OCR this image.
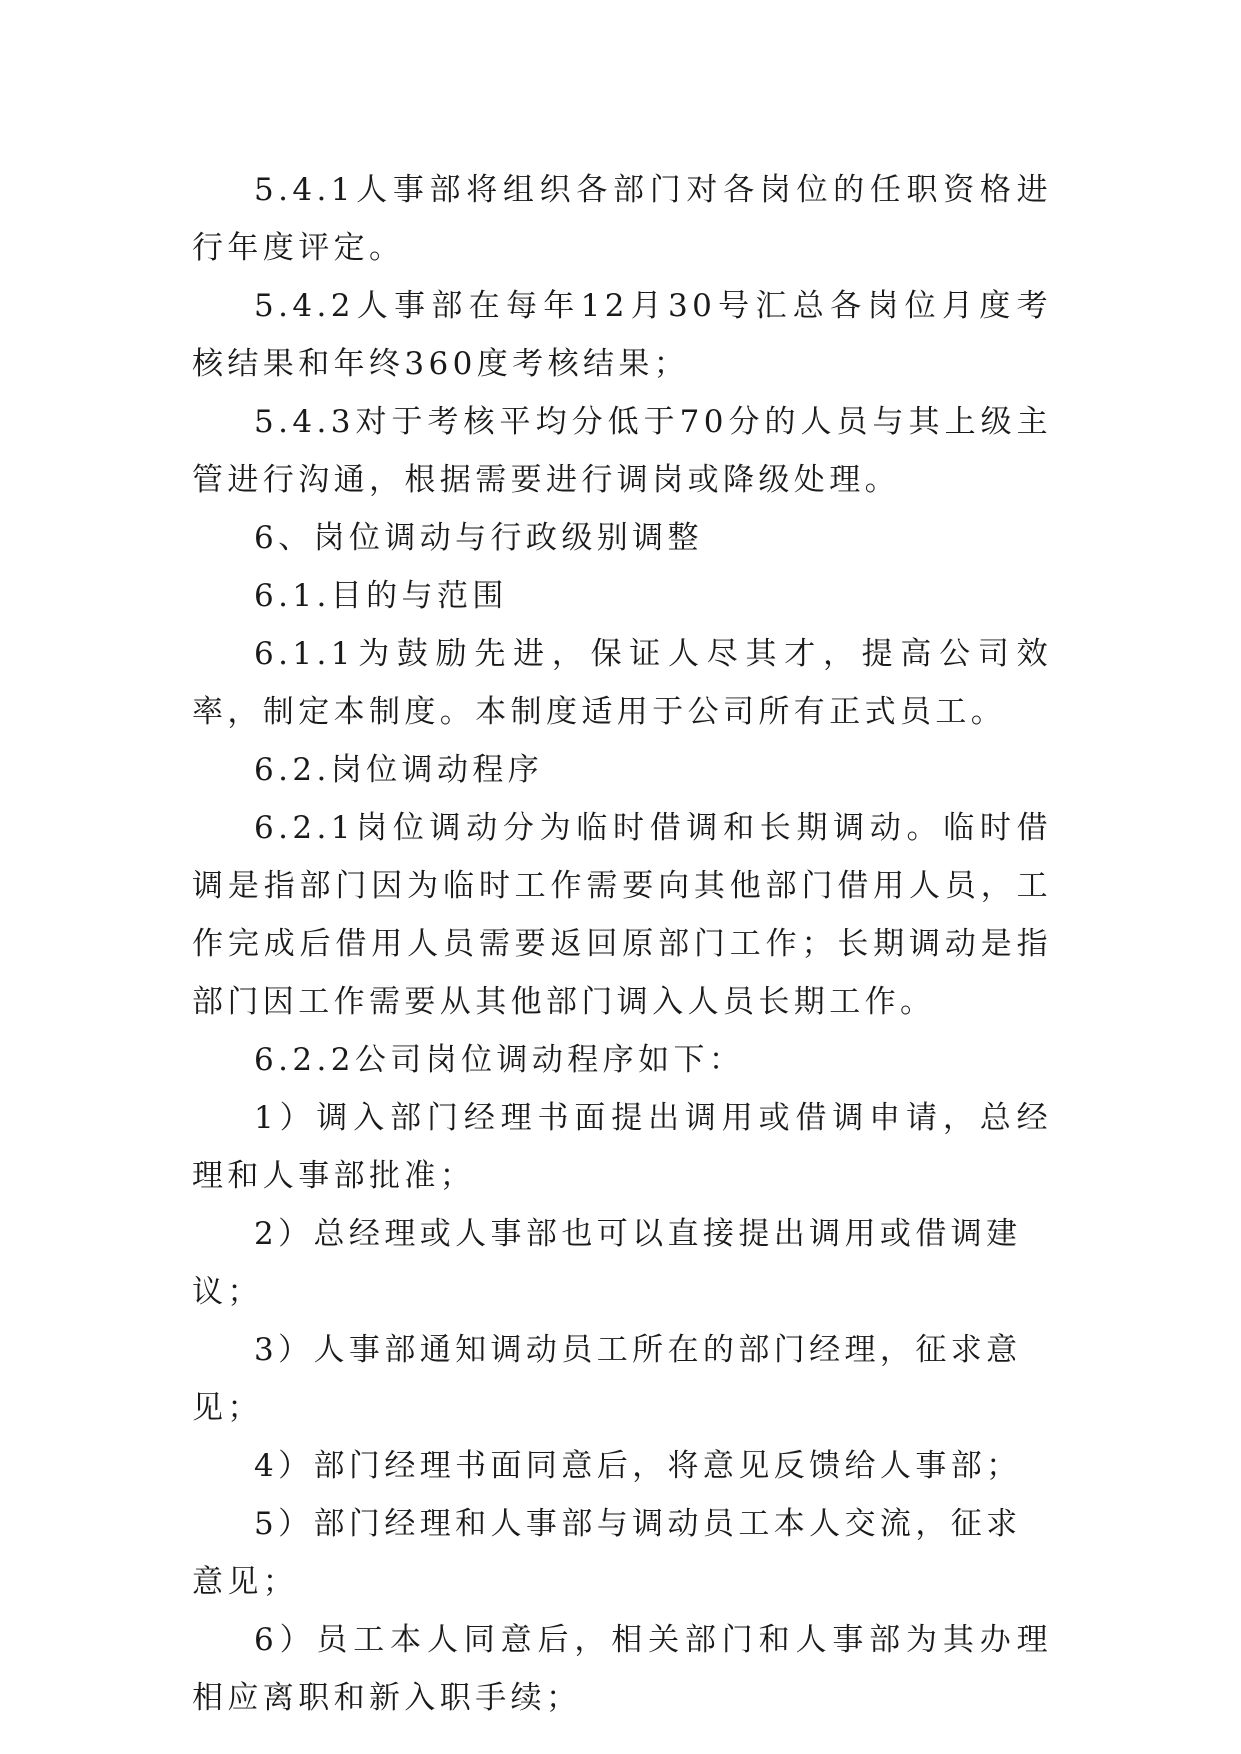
5.4.1人事部将组织各部门对各岗位的任职资格进行年度评定。

5.4.2人事部在每年12月30号汇总各岗位月度考核结果和年终360度考核结果；

5.4.3对于考核平均分低于70分的人员与其上级主管进行沟通，根据需要进行调岗或降级处理。

6、岗位调动与行政级别调整

6.1.目的与范围

6.1.1为鼓励先进，保证人尽其才，提高公司效率，制定本制度。本制度适用于公司所有正式员工。

6.2.岗位调动程序

6.2.1岗位调动分为临时借调和长期调动。临时借调是指部门因为临时工作需要向其他部门借用人员，工作完成后借用人员需要返回原部门工作；长期调动是指部门因工作需要从其他部门调入人员长期工作。

6.2.2公司岗位调动程序如下：

1）调入部门经理书面提出调用或借调申请，总经理和人事部批准；

2）总经理或人事部也可以直接提出调用或借调建议；

3）人事部通知调动员工所在的部门经理，征求意见；

4）部门经理书面同意后，将意见反馈给人事部；

5）部门经理和人事部与调动员工本人交流，征求意见；

6）员工本人同意后，相关部门和人事部为其办理相应离职和新入职手续；
